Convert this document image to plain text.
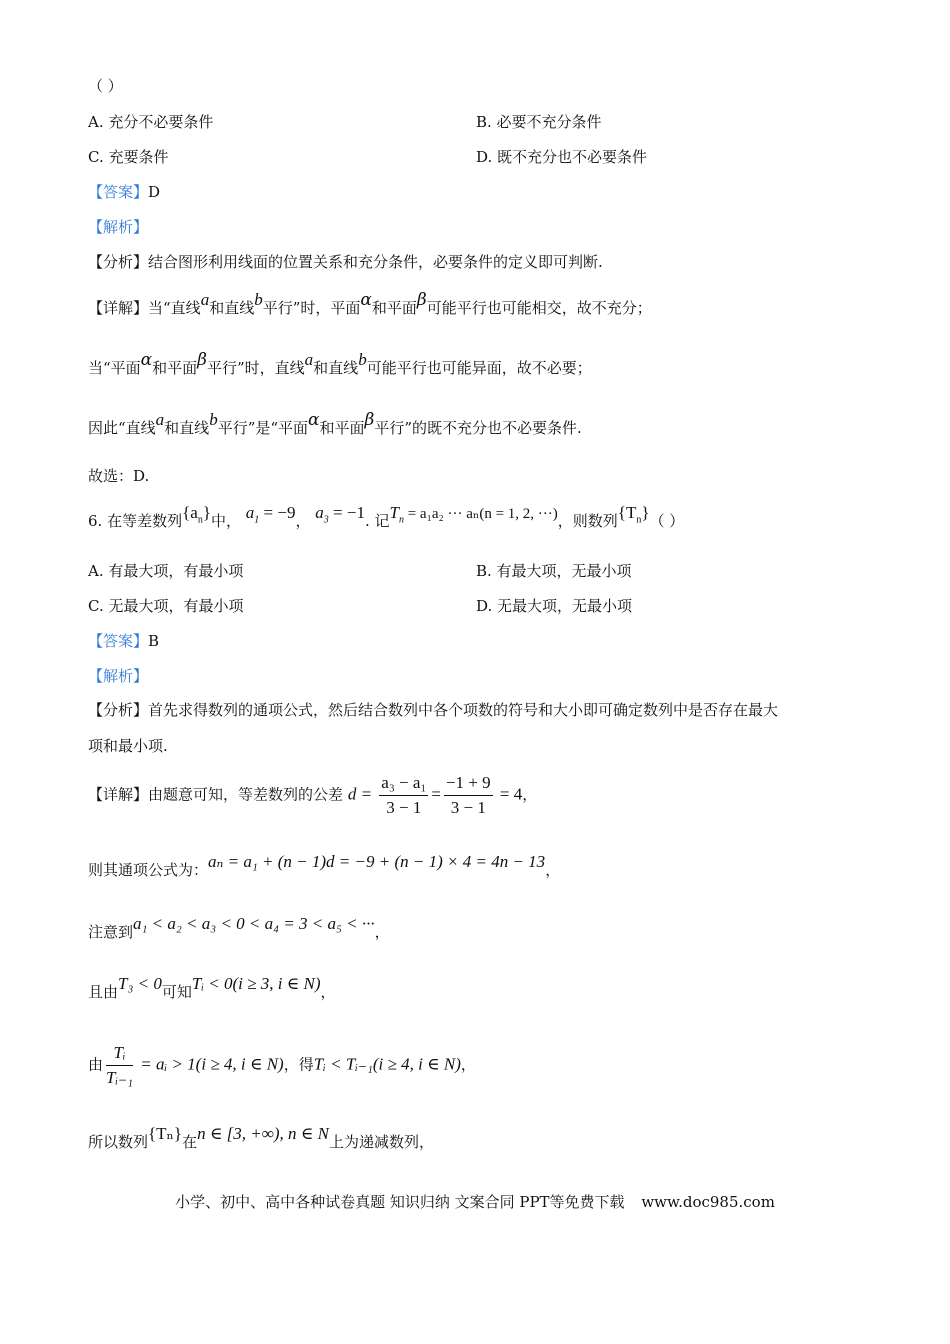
（ ）
A. 充分不必要条件	B. 必要不充分条件
C. 充要条件	D. 既不充分也不必要条件
【答案】D
【解析】
【分析】结合图形利用线面的位置关系和充分条件，必要条件的定义即可判断.
【详解】当“直线a和直线b平行”时，平面α和平面β可能平行也可能相交，故不充分；
当“平面α和平面β平行”时，直线a和直线b可能平行也可能异面，故不必要；
因此“直线a和直线b平行”是“平面α和平面β平行”的既不充分也不必要条件.
故选：D.
6. 在等差数列$\{a_n\}$中， $a_1 = -9$， $a_3 = -1$. 记$T_n = a_1a_2$ ··· aₙ(n = 1, 2, ···)，则数列$\{T_n\}$（ ）
A. 有最大项，有最小项	B. 有最大项，无最小项
C. 无最大项，有最小项	D. 无最大项，无最小项
【答案】B
【解析】
【分析】首先求得数列的通项公式，然后结合数列中各个项数的符号和大小即可确定数列中是否存在最大
项和最小项.
【详解】由题意可知，等差数列的公差 $d = \frac{\text{a₃ − a₁}}{3 - 1} = \frac{-1 + 9}{3 - 1} = 4$，
则其通项公式为：aₙ = a₁ + (n − 1)d = −9 + (n − 1) × 4 = 4n − 13，
注意到a₁ < a₂ < a₃ < 0 < a₄ = 3 < a₅ < ···，
且由T₃ < 0可知Tᵢ < 0(i ≥ 3, i ∈ N)，
由 $\frac{\text{Tᵢ}}{\text{Tᵢ₋₁}}$ = aᵢ > 1(i ≥ 4, i ∈ N)，得Tᵢ < Tᵢ₋₁(i ≥ 4, i ∈ N)，
所以数列{Tₙ}在n ∈ [3, +∞), n ∈ N上为递减数列，
小学、初中、高中各种试卷真题 知识归纳 文案合同 PPT等免费下载 www.doc985.com
